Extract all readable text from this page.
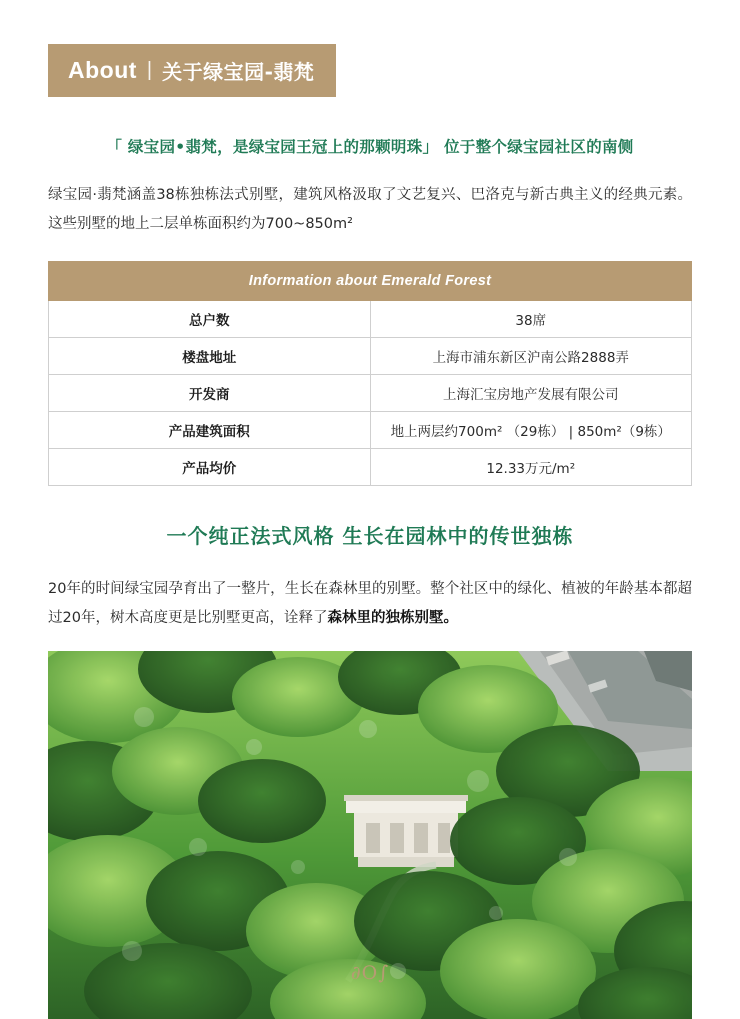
About | 关于绿宝园-翡梵
「 绿宝园•翡梵，是绿宝园王冠上的那颗明珠」 位于整个绿宝园社区的南侧
绿宝园·翡梵涵盖38栋独栋法式别墅，建筑风格汲取了文艺复兴、巴洛克与新古典主义的经典元素。这些别墅的地上二层单栋面积约为700~850m²
Information about Emerald Forest	
总户数	38席
楼盘地址	上海市浦东新区沪南公路2888弄
开发商	上海汇宝房地产发展有限公司
产品建筑面积	地上两层约700m² （29栋） | 850m²（9栋）
产品均价	12.33万元/m²
一个纯正法式风格 生长在园林中的传世独栋
20年的时间绿宝园孕育出了一整片，生长在森林里的别墅。整个社区中的绿化、植被的年龄基本都超过20年，树木高度更是比别墅更高，诠释了森林里的独栋别墅。
∂O∫
